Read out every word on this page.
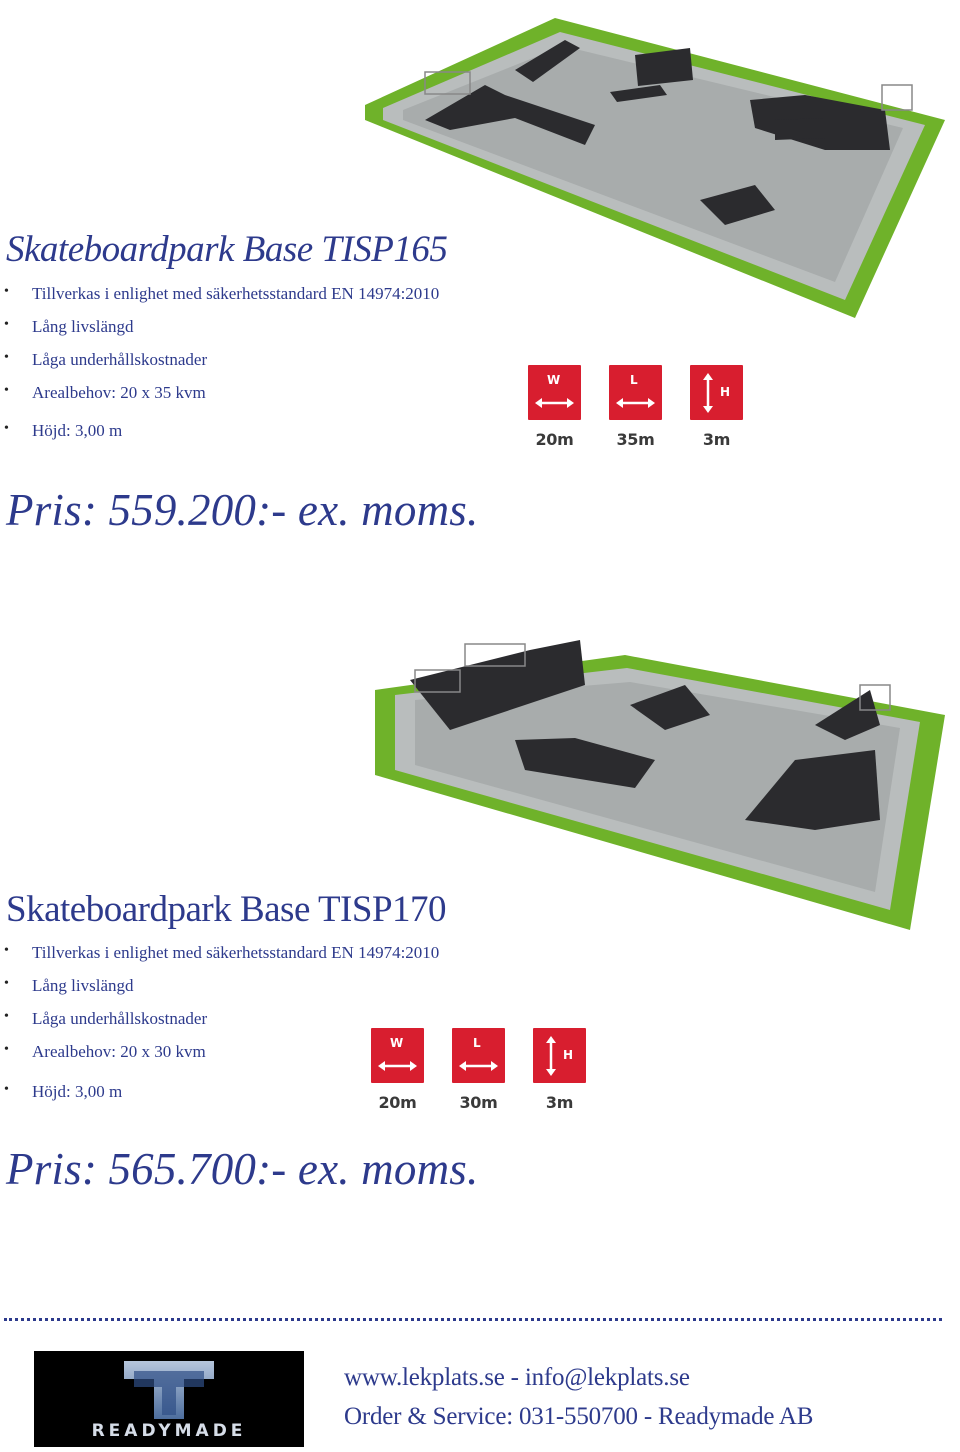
Skateboardpark Base TISP165
• Tillverkas i enlighet med säkerhetsstandard EN 14974:2010
• Lång livslängd
• Låga underhållskostnader
• Arealbehov: 20 x 35 kvm
• Höjd: 3,00 m
W
20m
L
35m
H
3m
Pris: 559.200:- ex. moms.
Skateboardpark Base TISP170
• Tillverkas i enlighet med säkerhetsstandard EN 14974:2010
• Lång livslängd
• Låga underhållskostnader
• Arealbehov: 20 x 30 kvm
• Höjd: 3,00 m
W
20m
L
30m
H
3m
Pris: 565.700:- ex. moms.
READYMADE
www.lekplats.se - info@lekplats.se
Order & Service: 031-550700 - Readymade AB
